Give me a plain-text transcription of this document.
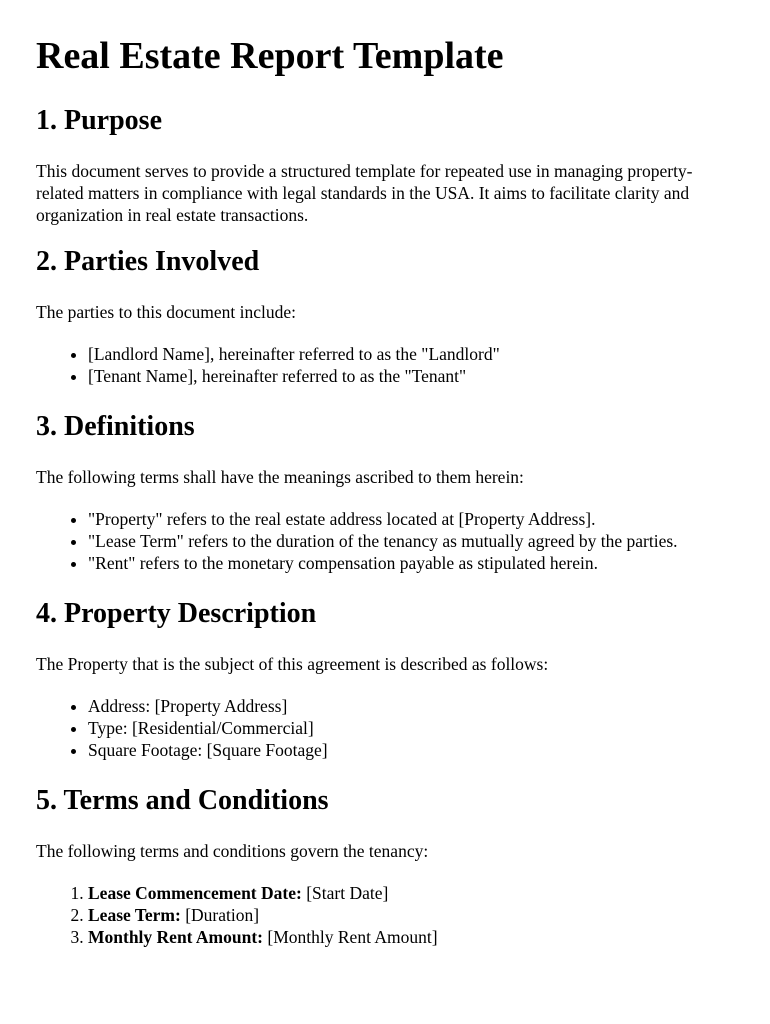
Real Estate Report Template
1. Purpose

This document serves to provide a structured template for repeated use in managing property-related matters in compliance with legal standards in the USA. It aims to facilitate clarity and organization in real estate transactions.

2. Parties Involved

The parties to this document include:

• [Landlord Name], hereinafter referred to as the "Landlord"
• [Tenant Name], hereinafter referred to as the "Tenant"
3. Definitions

The following terms shall have the meanings ascribed to them herein:

• "Property" refers to the real estate address located at [Property Address].
• "Lease Term" refers to the duration of the tenancy as mutually agreed by the parties.
• "Rent" refers to the monetary compensation payable as stipulated herein.
4. Property Description

The Property that is the subject of this agreement is described as follows:

• Address: [Property Address]
• Type: [Residential/Commercial]
• Square Footage: [Square Footage]
5. Terms and Conditions

The following terms and conditions govern the tenancy:

1. Lease Commencement Date: [Start Date]
2. Lease Term: [Duration]
3. Monthly Rent Amount: [Monthly Rent Amount]
